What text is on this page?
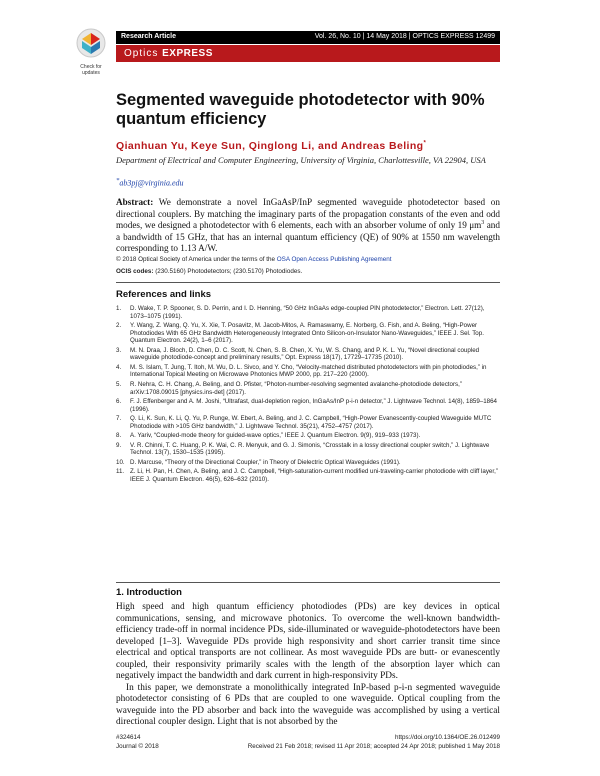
Check for updates
Research Article	Vol. 26, No. 10 | 14 May 2018 | OPTICS EXPRESS 12499
Optics EXPRESS
Segmented waveguide photodetector with 90% quantum efficiency
Qianhuan Yu, Keye Sun, Qinglong Li, and Andreas Beling*
Department of Electrical and Computer Engineering, University of Virginia, Charlottesville, VA 22904, USA
*ab3pj@virginia.edu
Abstract: We demonstrate a novel InGaAsP/InP segmented waveguide photodetector based on directional couplers. By matching the imaginary parts of the propagation constants of the even and odd modes, we designed a photodetector with 6 elements, each with an absorber volume of only 19 $\mu m^3$ and a bandwidth of 15 GHz, that has an internal quantum efficiency (QE) of 90% at 1550 nm wavelength corresponding to 1.13 A/W.
© 2018 Optical Society of America under the terms of the OSA Open Access Publishing Agreement
OCIS codes: (230.5160) Photodetectors; (230.5170) Photodiodes.
References and links
1. D. Wake, T. P. Spooner, S. D. Perrin, and I. D. Henning, “50 GHz InGaAs edge-coupled PIN photodetector,” Electron. Lett. 27(12), 1073–1075 (1991).
2. Y. Wang, Z. Wang, Q. Yu, X. Xie, T. Posavitz, M. Jacob-Mitos, A. Ramaswamy, E. Norberg, G. Fish, and A. Beling, “High-Power Photodiodes With 65 GHz Bandwidth Heterogeneously Integrated Onto Silicon-on-Insulator Nano-Waveguides,” IEEE J. Sel. Top. Quantum Electron. 24(2), 1–6 (2017).
3. M. N. Draa, J. Bloch, D. Chen, D. C. Scott, N. Chen, S. B. Chen, X. Yu, W. S. Chang, and P. K. L. Yu, “Novel directional coupled waveguide photodiode-concept and preliminary results,” Opt. Express 18(17), 17729–17735 (2010).
4. M. S. Islam, T. Jung, T. Itoh, M. Wu, D. L. Sivco, and Y. Cho, “Velocity-matched distributed photodetectors with pin photodiodes,” in International Topical Meeting on Microwave Photonics MWP 2000, pp. 217–220 (2000).
5. R. Nehra, C. H. Chang, A. Beling, and O. Pfister, “Photon-number-resolving segmented avalanche-photodiode detectors,” arXiv:1708.09015 [physics.ins-det] (2017).
6. F. J. Effenberger and A. M. Joshi, “Ultrafast, dual-depletion region, InGaAs/InP p-i-n detector,” J. Lightwave Technol. 14(8), 1859–1864 (1996).
7. Q. Li, K. Sun, K. Li, Q. Yu, P. Runge, W. Ebert, A. Beling, and J. C. Campbell, “High-Power Evanescently-coupled Waveguide MUTC Photodiode with >105 GHz bandwidth,” J. Lightwave Technol. 35(21), 4752–4757 (2017).
8. A. Yariv, “Coupled-mode theory for guided-wave optics,” IEEE J. Quantum Electron. 9(9), 919–933 (1973).
9. V. R. Chinni, T. C. Huang, P. K. Wai, C. R. Menyuk, and G. J. Simonis, “Crosstalk in a lossy directional coupler switch,” J. Lightwave Technol. 13(7), 1530–1535 (1995).
10. D. Marcuse, “Theory of the Directional Coupler,” in Theory of Dielectric Optical Waveguides (1991).
11. Z. Li, H. Pan, H. Chen, A. Beling, and J. C. Campbell, “High-saturation-current modified uni-traveling-carrier photodiode with cliff layer,” IEEE J. Quantum Electron. 46(5), 626–632 (2010).
1. Introduction

High speed and high quantum efficiency photodiodes (PDs) are key devices in optical communications, sensing, and microwave photonics. To overcome the well-known bandwidth-efficiency trade-off in normal incidence PDs, side-illuminated or waveguide-photodetectors have been developed [1–3]. Waveguide PDs provide high responsivity and short carrier transit time since electrical and optical transports are not collinear. As most waveguide PDs are butt- or evanescently coupled, their responsivity primarily scales with the length of the absorption layer which can negatively impact the bandwidth and dark current in high-responsivity PDs.

In this paper, we demonstrate a monolithically integrated InP-based p-i-n segmented waveguide photodetector consisting of 6 PDs that are coupled to one waveguide. Optical coupling from the waveguide into the PD absorber and back into the waveguide was accomplished by using a vertical directional coupler design. Light that is not absorbed by the

#324614
Journal © 2018
https://doi.org/10.1364/OE.26.012499
Received 21 Feb 2018; revised 11 Apr 2018; accepted 24 Apr 2018; published 1 May 2018
